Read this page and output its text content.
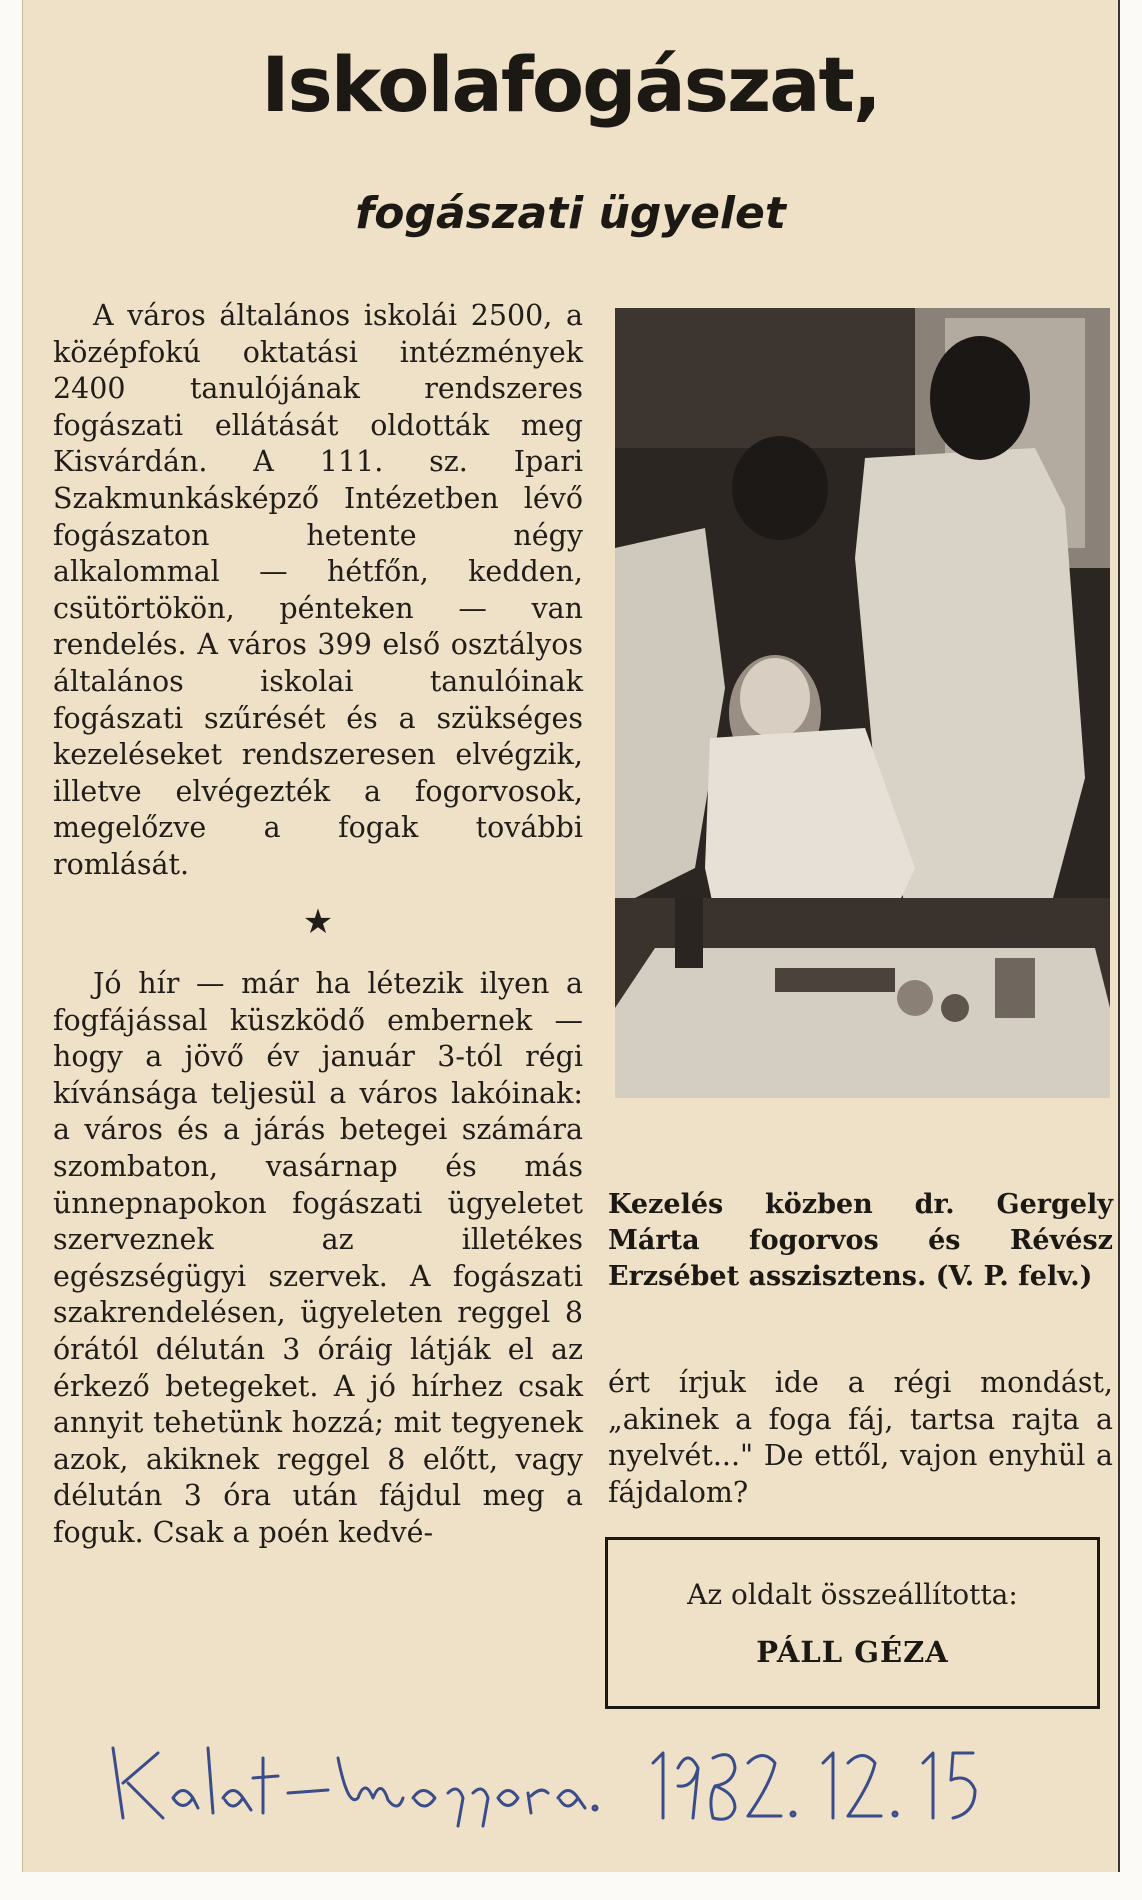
Iskolafogászat,
fogászati ügyelet

A város általános iskolái 2500, a középfokú oktatási intézmények 2400 tanulójának rendszeres fogászati ellátását oldották meg Kisvárdán. A 111. sz. Ipari Szakmunkásképző Intézetben lévő fogászaton hetente négy alkalommal — hétfőn, kedden, csütörtökön, pénteken — van rendelés. A város 399 első osztályos általános iskolai tanulóinak fogászati szűrését és a szükséges kezeléseket rendszeresen elvégzik, illetve elvégezték a fogorvosok, megelőzve a fogak további romlását.

★

Jó hír — már ha létezik ilyen a fogfájással küszködő embernek — hogy a jövő év január 3-tól régi kívánsága teljesül a város lakóinak: a város és a járás betegei számára szombaton, vasárnap és más ünnepnapokon fogászati ügyeletet szerveznek az illetékes egészségügyi szervek. A fogászati szakrendelésen, ügyeleten reggel 8 órától délután 3 óráig látják el az érkező betegeket. A jó hírhez csak annyit tehetünk hozzá; mit tegyenek azok, akiknek reggel 8 előtt, vagy délután 3 óra után fájdul meg a foguk. Csak a poén kedvé-

Kezelés közben dr. Gergely Márta fogorvos és Révész Erzsébet asszisztens. (V. P. felv.)

ért írjuk ide a régi mondást, „akinek a foga fáj, tartsa rajta a nyelvét..." De ettől, vajon enyhül a fájdalom?

Az oldalt összeállította:
PÁLL GÉZA
